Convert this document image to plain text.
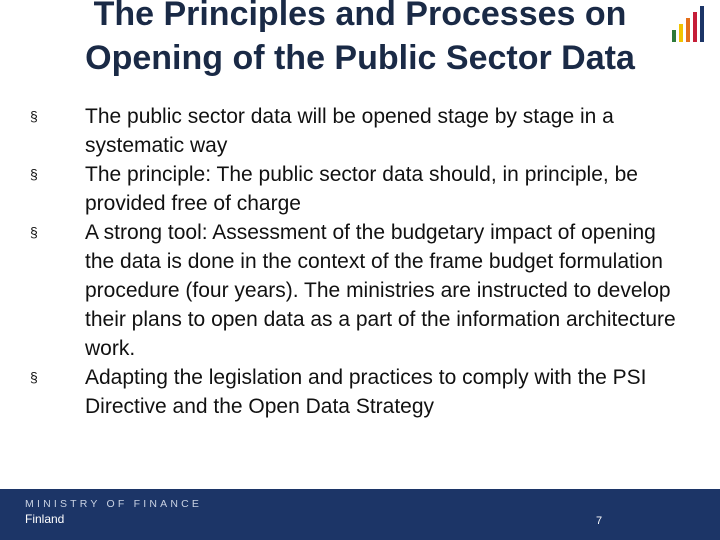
The Principles and Processes on Opening of the Public Sector Data
§ The public sector data will be opened stage by stage in a systematic way
§ The principle: The public sector data should, in principle, be provided free of charge
§ A strong tool: Assessment of the budgetary impact of opening the data is done in the context of the frame budget formulation procedure (four years). The ministries are instructed to develop their plans to open data as a part of the information architecture work.
§ Adapting the legislation and practices to comply with the PSI Directive and the Open Data Strategy
MINISTRY OF FINANCE
Finland	7
